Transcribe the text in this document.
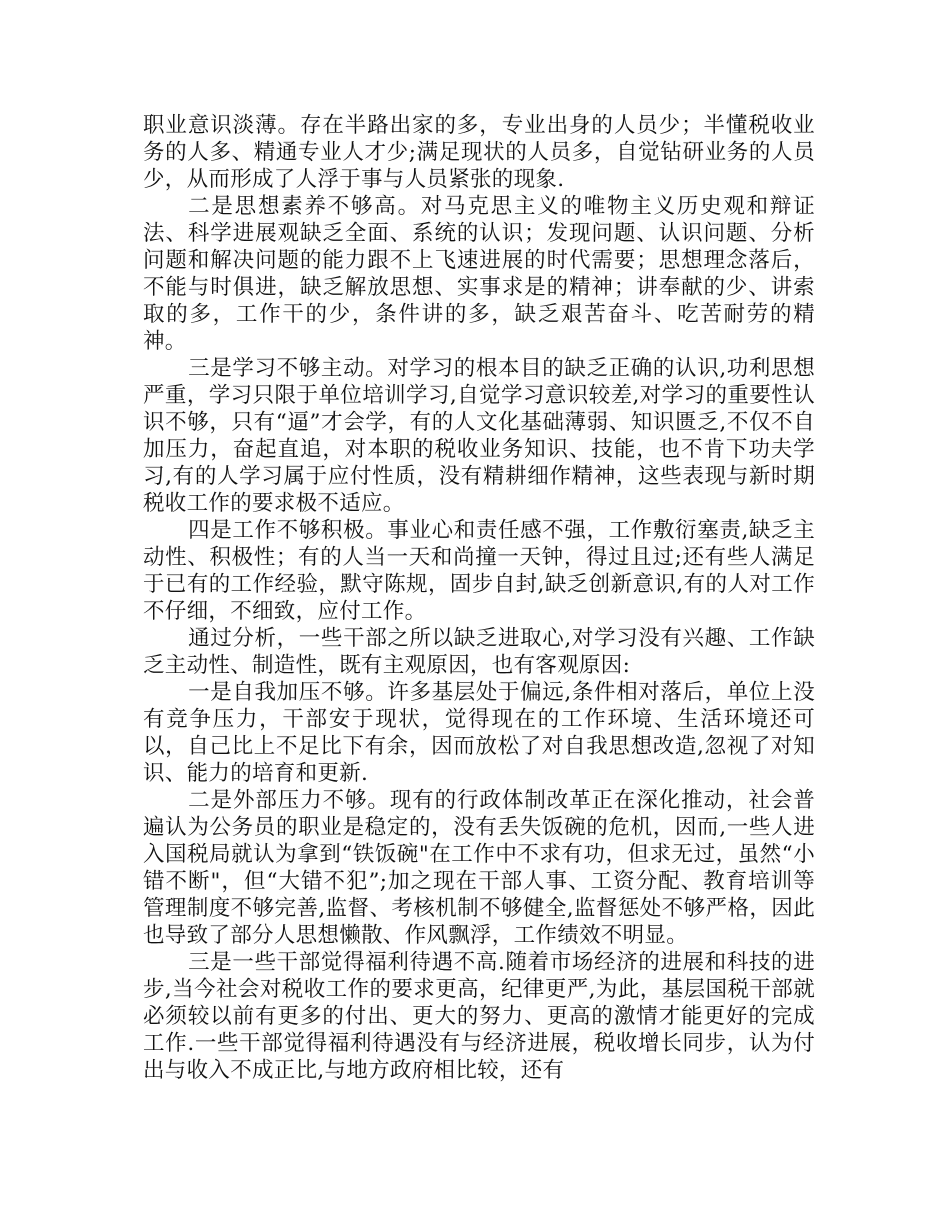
职业意识淡薄。存在半路出家的多，专业出身的人员少；半懂税收业务的人多、精通专业人才少;满足现状的人员多，自觉钻研业务的人员少，从而形成了人浮于事与人员紧张的现象.

二是思想素养不够高。对马克思主义的唯物主义历史观和辩证法、科学进展观缺乏全面、系统的认识；发现问题、认识问题、分析问题和解决问题的能力跟不上飞速进展的时代需要；思想理念落后，不能与时俱进，缺乏解放思想、实事求是的精神；讲奉献的少、讲索取的多，工作干的少，条件讲的多，缺乏艰苦奋斗、吃苦耐劳的精神。

三是学习不够主动。对学习的根本目的缺乏正确的认识,功利思想严重，学习只限于单位培训学习,自觉学习意识较差,对学习的重要性认识不够，只有“逼”才会学，有的人文化基础薄弱、知识匮乏,不仅不自加压力，奋起直追，对本职的税收业务知识、技能，也不肯下功夫学习,有的人学习属于应付性质，没有精耕细作精神，这些表现与新时期税收工作的要求极不适应。

四是工作不够积极。事业心和责任感不强，工作敷衍塞责,缺乏主动性、积极性；有的人当一天和尚撞一天钟，得过且过;还有些人满足于已有的工作经验，默守陈规，固步自封,缺乏创新意识,有的人对工作不仔细，不细致，应付工作。

通过分析，一些干部之所以缺乏进取心,对学习没有兴趣、工作缺乏主动性、制造性，既有主观原因，也有客观原因:

一是自我加压不够。许多基层处于偏远,条件相对落后，单位上没有竞争压力，干部安于现状，觉得现在的工作环境、生活环境还可以，自己比上不足比下有余，因而放松了对自我思想改造,忽视了对知识、能力的培育和更新.

二是外部压力不够。现有的行政体制改革正在深化推动，社会普遍认为公务员的职业是稳定的，没有丢失饭碗的危机，因而,一些人进入国税局就认为拿到“铁饭碗"在工作中不求有功，但求无过，虽然“小错不断"，但“大错不犯”;加之现在干部人事、工资分配、教育培训等管理制度不够完善,监督、考核机制不够健全,监督惩处不够严格，因此也导致了部分人思想懒散、作风飘浮，工作绩效不明显。

三是一些干部觉得福利待遇不高.随着市场经济的进展和科技的进步,当今社会对税收工作的要求更高，纪律更严,为此，基层国税干部就必须较以前有更多的付出、更大的努力、更高的激情才能更好的完成工作.一些干部觉得福利待遇没有与经济进展，税收增长同步，认为付出与收入不成正比,与地方政府相比较，还有
